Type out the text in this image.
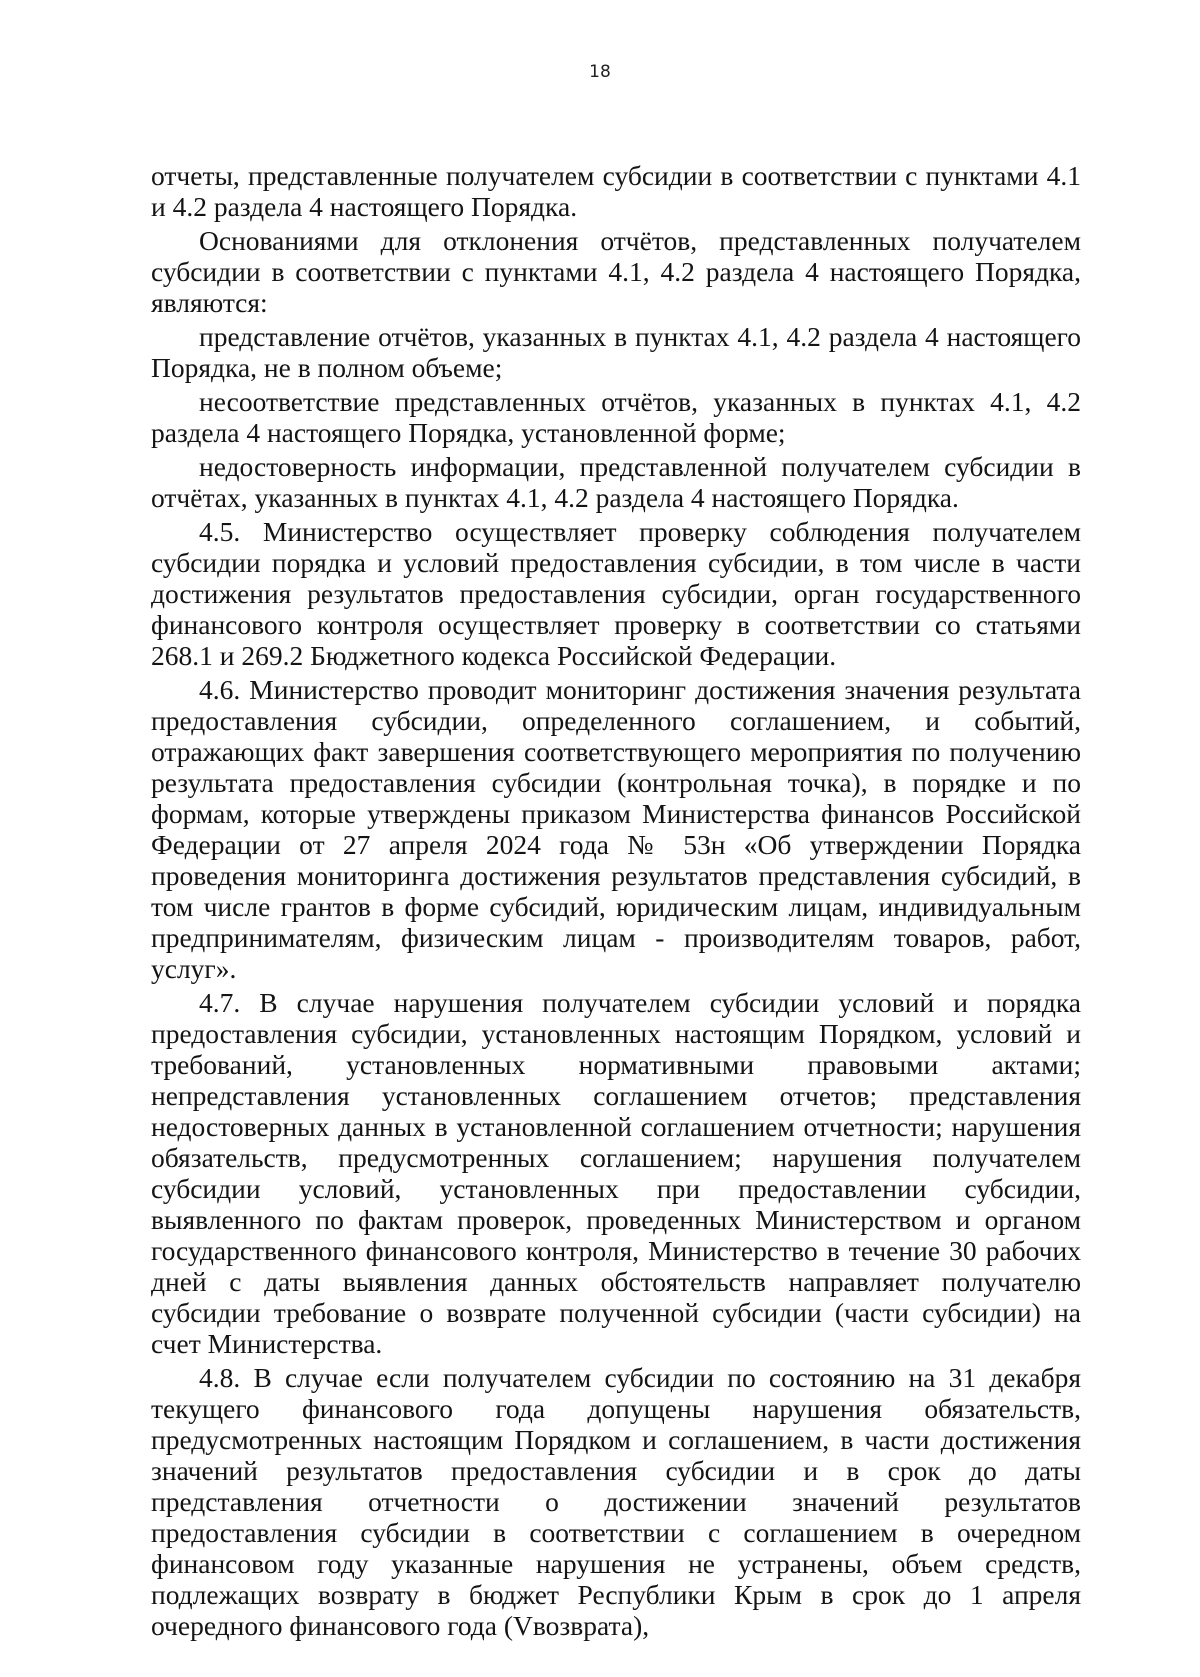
18

отчеты, представленные получателем субсидии в соответствии с пунктами 4.1 и 4.2 раздела 4 настоящего Порядка.

Основаниями для отклонения отчётов, представленных получателем субсидии в соответствии с пунктами 4.1, 4.2 раздела 4 настоящего Порядка, являются:

представление отчётов, указанных в пунктах 4.1, 4.2 раздела 4 настоящего Порядка, не в полном объеме;

несоответствие представленных отчётов, указанных в пунктах 4.1, 4.2 раздела 4 настоящего Порядка, установленной форме;

недостоверность информации, представленной получателем субсидии в отчётах, указанных в пунктах 4.1, 4.2 раздела 4 настоящего Порядка.

4.5. Министерство осуществляет проверку соблюдения получателем субсидии порядка и условий предоставления субсидии, в том числе в части достижения результатов предоставления субсидии, орган государственного финансового контроля осуществляет проверку в соответствии со статьями 268.1 и 269.2 Бюджетного кодекса Российской Федерации.

4.6. Министерство проводит мониторинг достижения значения результата предоставления субсидии, определенного соглашением, и событий, отражающих факт завершения соответствующего мероприятия по получению результата предоставления субсидии (контрольная точка), в порядке и по формам, которые утверждены приказом Министерства финансов Российской Федерации от 27 апреля 2024 года № 53н «Об утверждении Порядка проведения мониторинга достижения результатов представления субсидий, в том числе грантов в форме субсидий, юридическим лицам, индивидуальным предпринимателям, физическим лицам - производителям товаров, работ, услуг».

4.7. В случае нарушения получателем субсидии условий и порядка предоставления субсидии, установленных настоящим Порядком, условий и требований, установленных нормативными правовыми актами; непредставления установленных соглашением отчетов; представления недостоверных данных в установленной соглашением отчетности; нарушения обязательств, предусмотренных соглашением; нарушения получателем субсидии условий, установленных при предоставлении субсидии, выявленного по фактам проверок, проведенных Министерством и органом государственного финансового контроля, Министерство в течение 30 рабочих дней с даты выявления данных обстоятельств направляет получателю субсидии требование о возврате полученной субсидии (части субсидии) на счет Министерства.

4.8. В случае если получателем субсидии по состоянию на 31 декабря текущего финансового года допущены нарушения обязательств, предусмотренных настоящим Порядком и соглашением, в части достижения значений результатов предоставления субсидии и в срок до даты представления отчетности о достижении значений результатов предоставления субсидии в соответствии с соглашением в очередном финансовом году указанные нарушения не устранены, объем средств, подлежащих возврату в бюджет Республики Крым в срок до 1 апреля очередного финансового года (Vвозврата),
